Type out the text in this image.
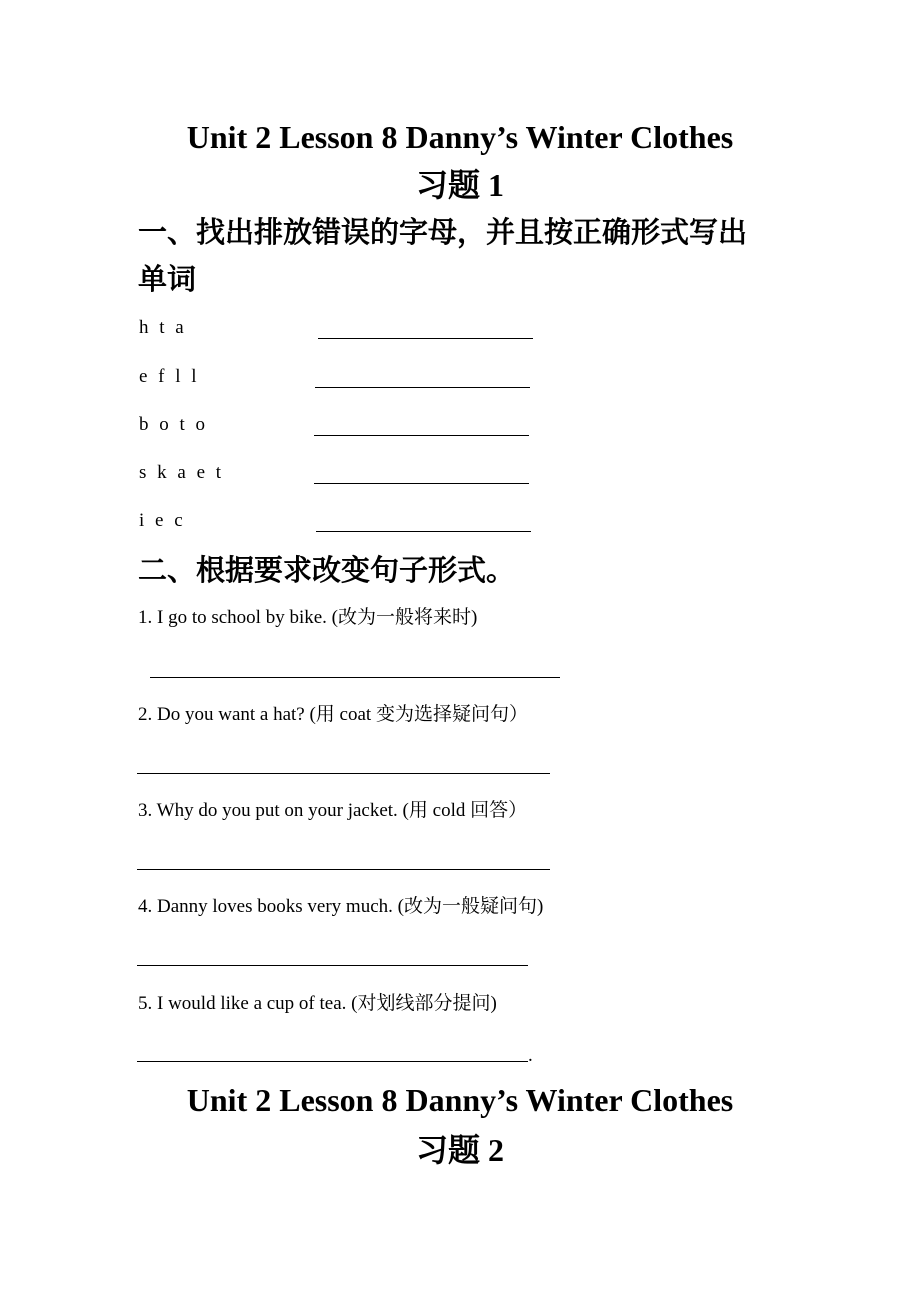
Unit 2 Lesson 8 Danny’s Winter Clothes
习题 1
一、找出排放错误的字母，并且按正确形式写出
单词
h t a
e f l l
b o t o
s k a e t
i e c
二、根据要求改变句子形式。
1. I go to school by bike. (改为一般将来时)
2. Do you want a hat? (用 coat 变为选择疑问句）
3. Why do you put on your jacket. (用 cold 回答）
4. Danny loves books very much. (改为一般疑问句)
5. I would like a cup of tea. (对划线部分提问)
.
Unit 2 Lesson 8 Danny’s Winter Clothes
习题 2
